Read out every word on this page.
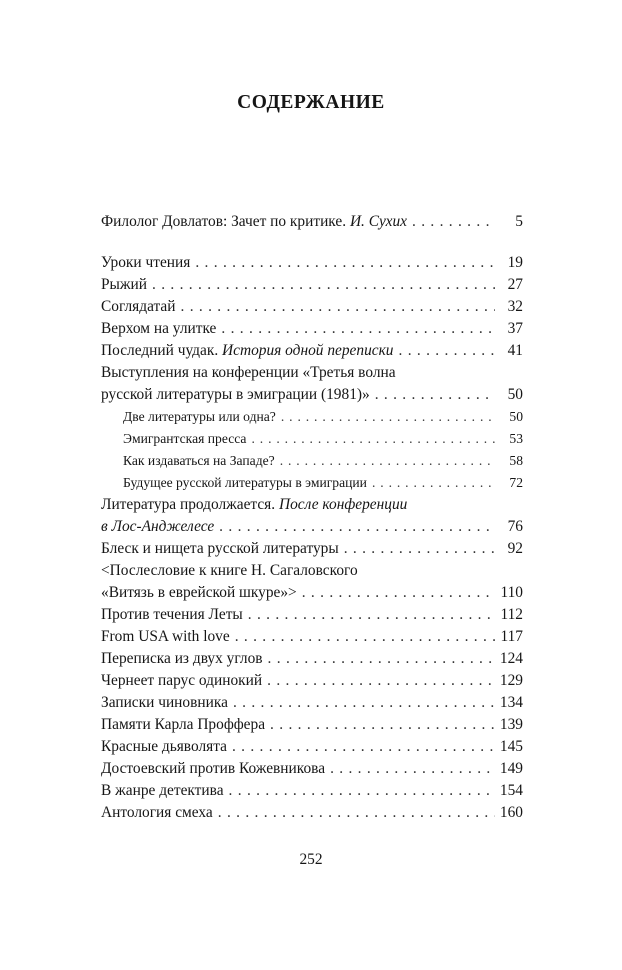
СОДЕРЖАНИЕ
Филолог Довлатов: Зачет по критике. И. Сухих . . .	5
Уроки чтения . . .	19
Рыжий . . .	27
Соглядатай . . .	32
Верхом на улитке . . .	37
Последний чудак. История одной переписки . . .	41
Выступления на конференции «Третья волна
русской литературы в эмиграции (1981)» . . .	50
Две литературы или одна? . . .	50
Эмигрантская пресса . . .	53
Как издаваться на Западе? . . .	58
Будущее русской литературы в эмиграции . . .	72
Литература продолжается. После конференции
в Лос-Анджелесе . . .	76
Блеск и нищета русской литературы . . .	92
<Послесловие к книге Н. Сагаловского
«Витязь в еврейской шкуре»> . . .	110
Против течения Леты . . .	112
From USA with love . . .	117
Переписка из двух углов . . .	124
Чернеет парус одинокий . . .	129
Записки чиновника . . .	134
Памяти Карла Проффера . . .	139
Красные дьяволята . . .	145
Достоевский против Кожевникова . . .	149
В жанре детектива . . .	154
Антология смеха . . .	160
252
